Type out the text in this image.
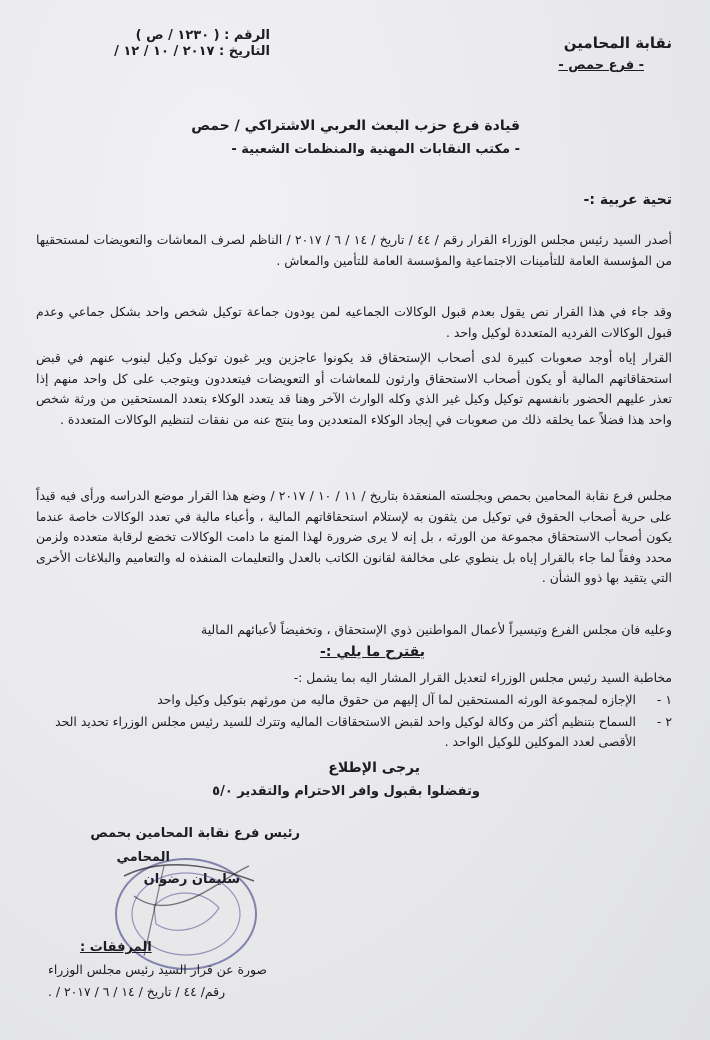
نقابة المحامين
- فرع حمص -
الرقم : ( ١٢٣٠ / ص )
التاريخ : ٢٠١٧ / ١٠ / ١٢ /
قيادة فرع حزب البعث العربي الاشتراكي / حمص
- مكتب النقابات المهنية والمنظمات الشعبية -
تحية عربية :-
أصدر السيد رئيس مجلس الوزراء القرار رقم / ٤٤ / تاريخ / ١٤ / ٦ / ٢٠١٧ / الناظم لصرف المعاشات والتعويضات لمستحقيها من المؤسسة العامة للتأمينات الاجتماعية والمؤسسة العامة للتأمين والمعاش .
وقد جاء في هذا القرار نص يقول بعدم قبول الوكالات الجماعيه لمن يودون جماعة توكيل شخص واحد بشكل جماعي وعدم قبول الوكالات الفرديه المتعددة لوكيل واحد .
القرار إياه أوجد صعوبات كبيرة لدى أصحاب الإستحقاق قد يكونوا عاجزين وير غبون توكيل وكيل لينوب عنهم في قبض استحقاقاتهم المالية أو يكون أصحاب الاستحقاق وارثون للمعاشات أو التعويضات فيتعددون ويتوجب على كل واحد منهم إذا تعذر عليهم الحضور بانفسهم توكيل وكيل غير الذي وكله الوارث الآخر وهنا قد يتعدد الوكلاء بتعدد المستحقين من ورثة شخص واحد هذا فضلاً عما يخلقه ذلك من صعوبات في إيجاد الوكلاء المتعددين وما ينتج عنه من نفقات لتنظيم الوكالات المتعددة .
مجلس فرع نقابة المحامين بحمص وبجلسته المنعقدة بتاريخ / ١١ / ١٠ / ٢٠١٧ / وضع هذا القرار موضع الدراسه ورأى فيه قيداً على حرية أصحاب الحقوق في توكيل من يثقون به لإستلام استحقاقاتهم المالية ، وأعباء مالية في تعدد الوكالات خاصة عندما يكون أصحاب الاستحقاق مجموعة من الورثه ، بل إنه لا يرى ضرورة لهذا المنع ما دامت الوكالات تخضع لرقابة متعدده ولزمن محدد وفقاً لما جاء بالقرار إياه بل ينطوي على مخالفة لقانون الكاتب بالعدل والتعليمات المنفذه له والتعاميم والبلاغات الأخرى التي يتقيد بها ذوو الشأن .
وعليه فان مجلس الفرع وتيسيراً لأعمال المواطنين ذوي الإستحقاق ، وتخفيضاً لأعبائهم المالية
يقترح ما يلي :-
مخاطبة السيد رئيس مجلس الوزراء لتعديل القرار المشار اليه بما يشمل :-
١ -
الإجازه لمجموعة الورثه المستحقين لما آل إليهم من حقوق ماليه من مورثهم بتوكيل وكيل واحد
٢ -
السماح بتنظيم أكثر من وكالة لوكيل واحد لقبض الاستحقاقات الماليه وتترك للسيد رئيس مجلس الوزراء تحديد الحد الأقصى لعدد الموكلين للوكيل الواحد .
يرجى الإطلاع
وتفضلوا بقبول وافر الاحترام والتقدير ٥/٠
رئيس فرع نقابة المحامين بحمص
المحامي
سليمان رضوان
المرفقات :
صورة عن قرار السيد رئيس مجلس الوزراء
رقم/ ٤٤ / تاريخ / ١٤ / ٦ / ٢٠١٧ / .
